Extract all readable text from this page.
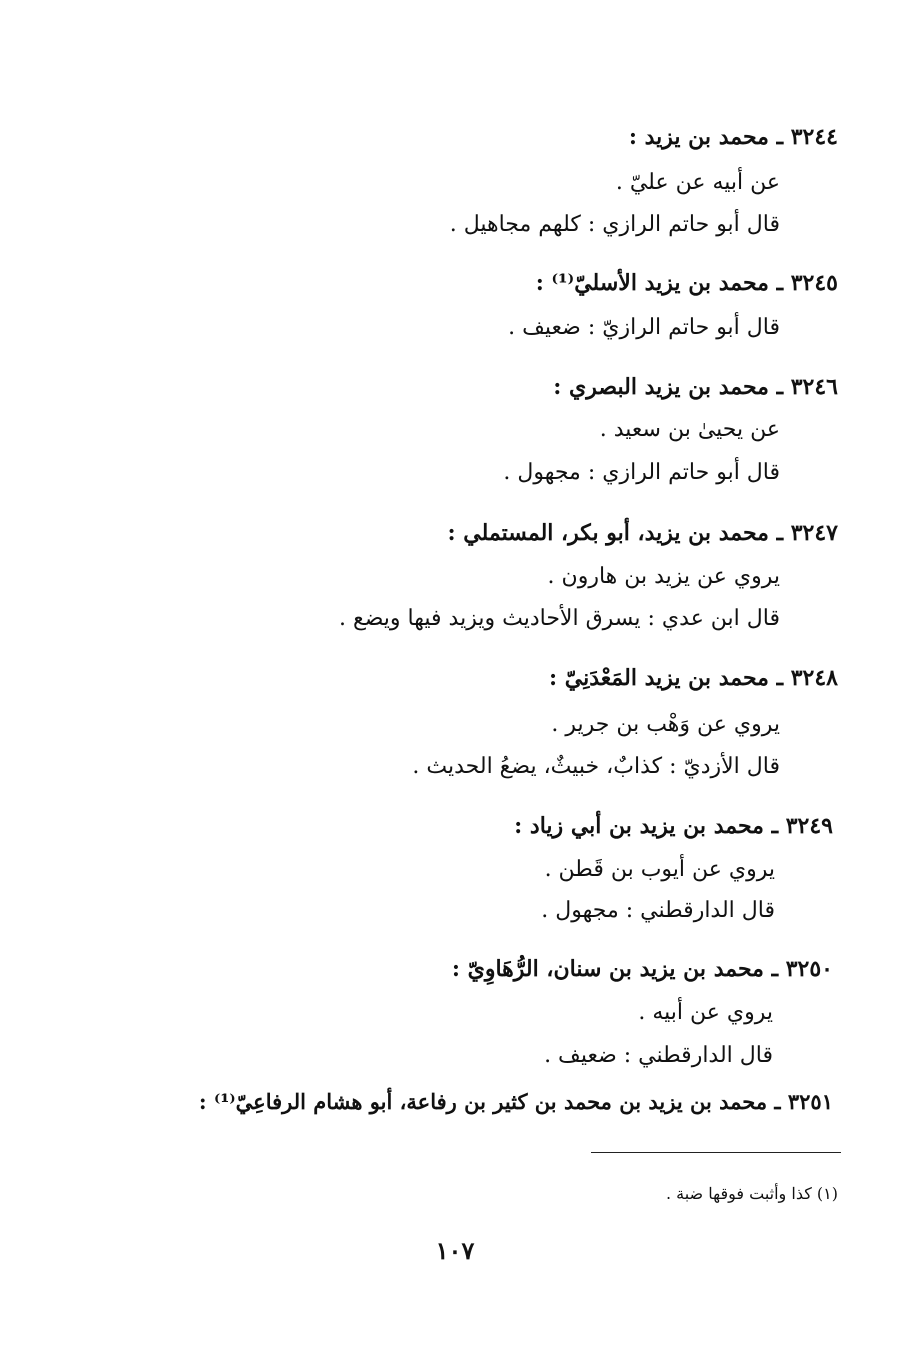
٣٢٤٤ ـ محمد بن يزيد :
عن أبيه عن عليّ .
قال أبو حاتم الرازي : كلهم مجاهيل .
٣٢٤٥ ـ محمد بن يزيد الأسليّ⁽¹⁾ :
قال أبو حاتم الرازيّ : ضعيف .
٣٢٤٦ ـ محمد بن يزيد البصري :
عن يحيىٰ بن سعيد .
قال أبو حاتم الرازي : مجهول .
٣٢٤٧ ـ محمد بن يزيد، أبو بكر، المستملي :
يروي عن يزيد بن هارون .
قال ابن عدي : يسرق الأحاديث ويزيد فيها ويضع .
٣٢٤٨ ـ محمد بن يزيد المَعْدَنِيّ :
يروي عن وَهْب بن جرير .
قال الأزديّ : كذابٌ، خبيثٌ، يضعُ الحديث .
٣٢٤٩ ـ محمد بن يزيد بن أبي زياد :
يروي عن أيوب بن قَطن .
قال الدارقطني : مجهول .
٣٢٥٠ ـ محمد بن يزيد بن سنان، الرُّهَاوِيّ :
يروي عن أبيه .
قال الدارقطني : ضعيف .
٣٢٥١ ـ محمد بن يزيد بن محمد بن كثير بن رفاعة، أبو هشام الرفاعِيّ⁽¹⁾ :
(١) كذا وأثبت فوقها ضبة .
١٠٧
